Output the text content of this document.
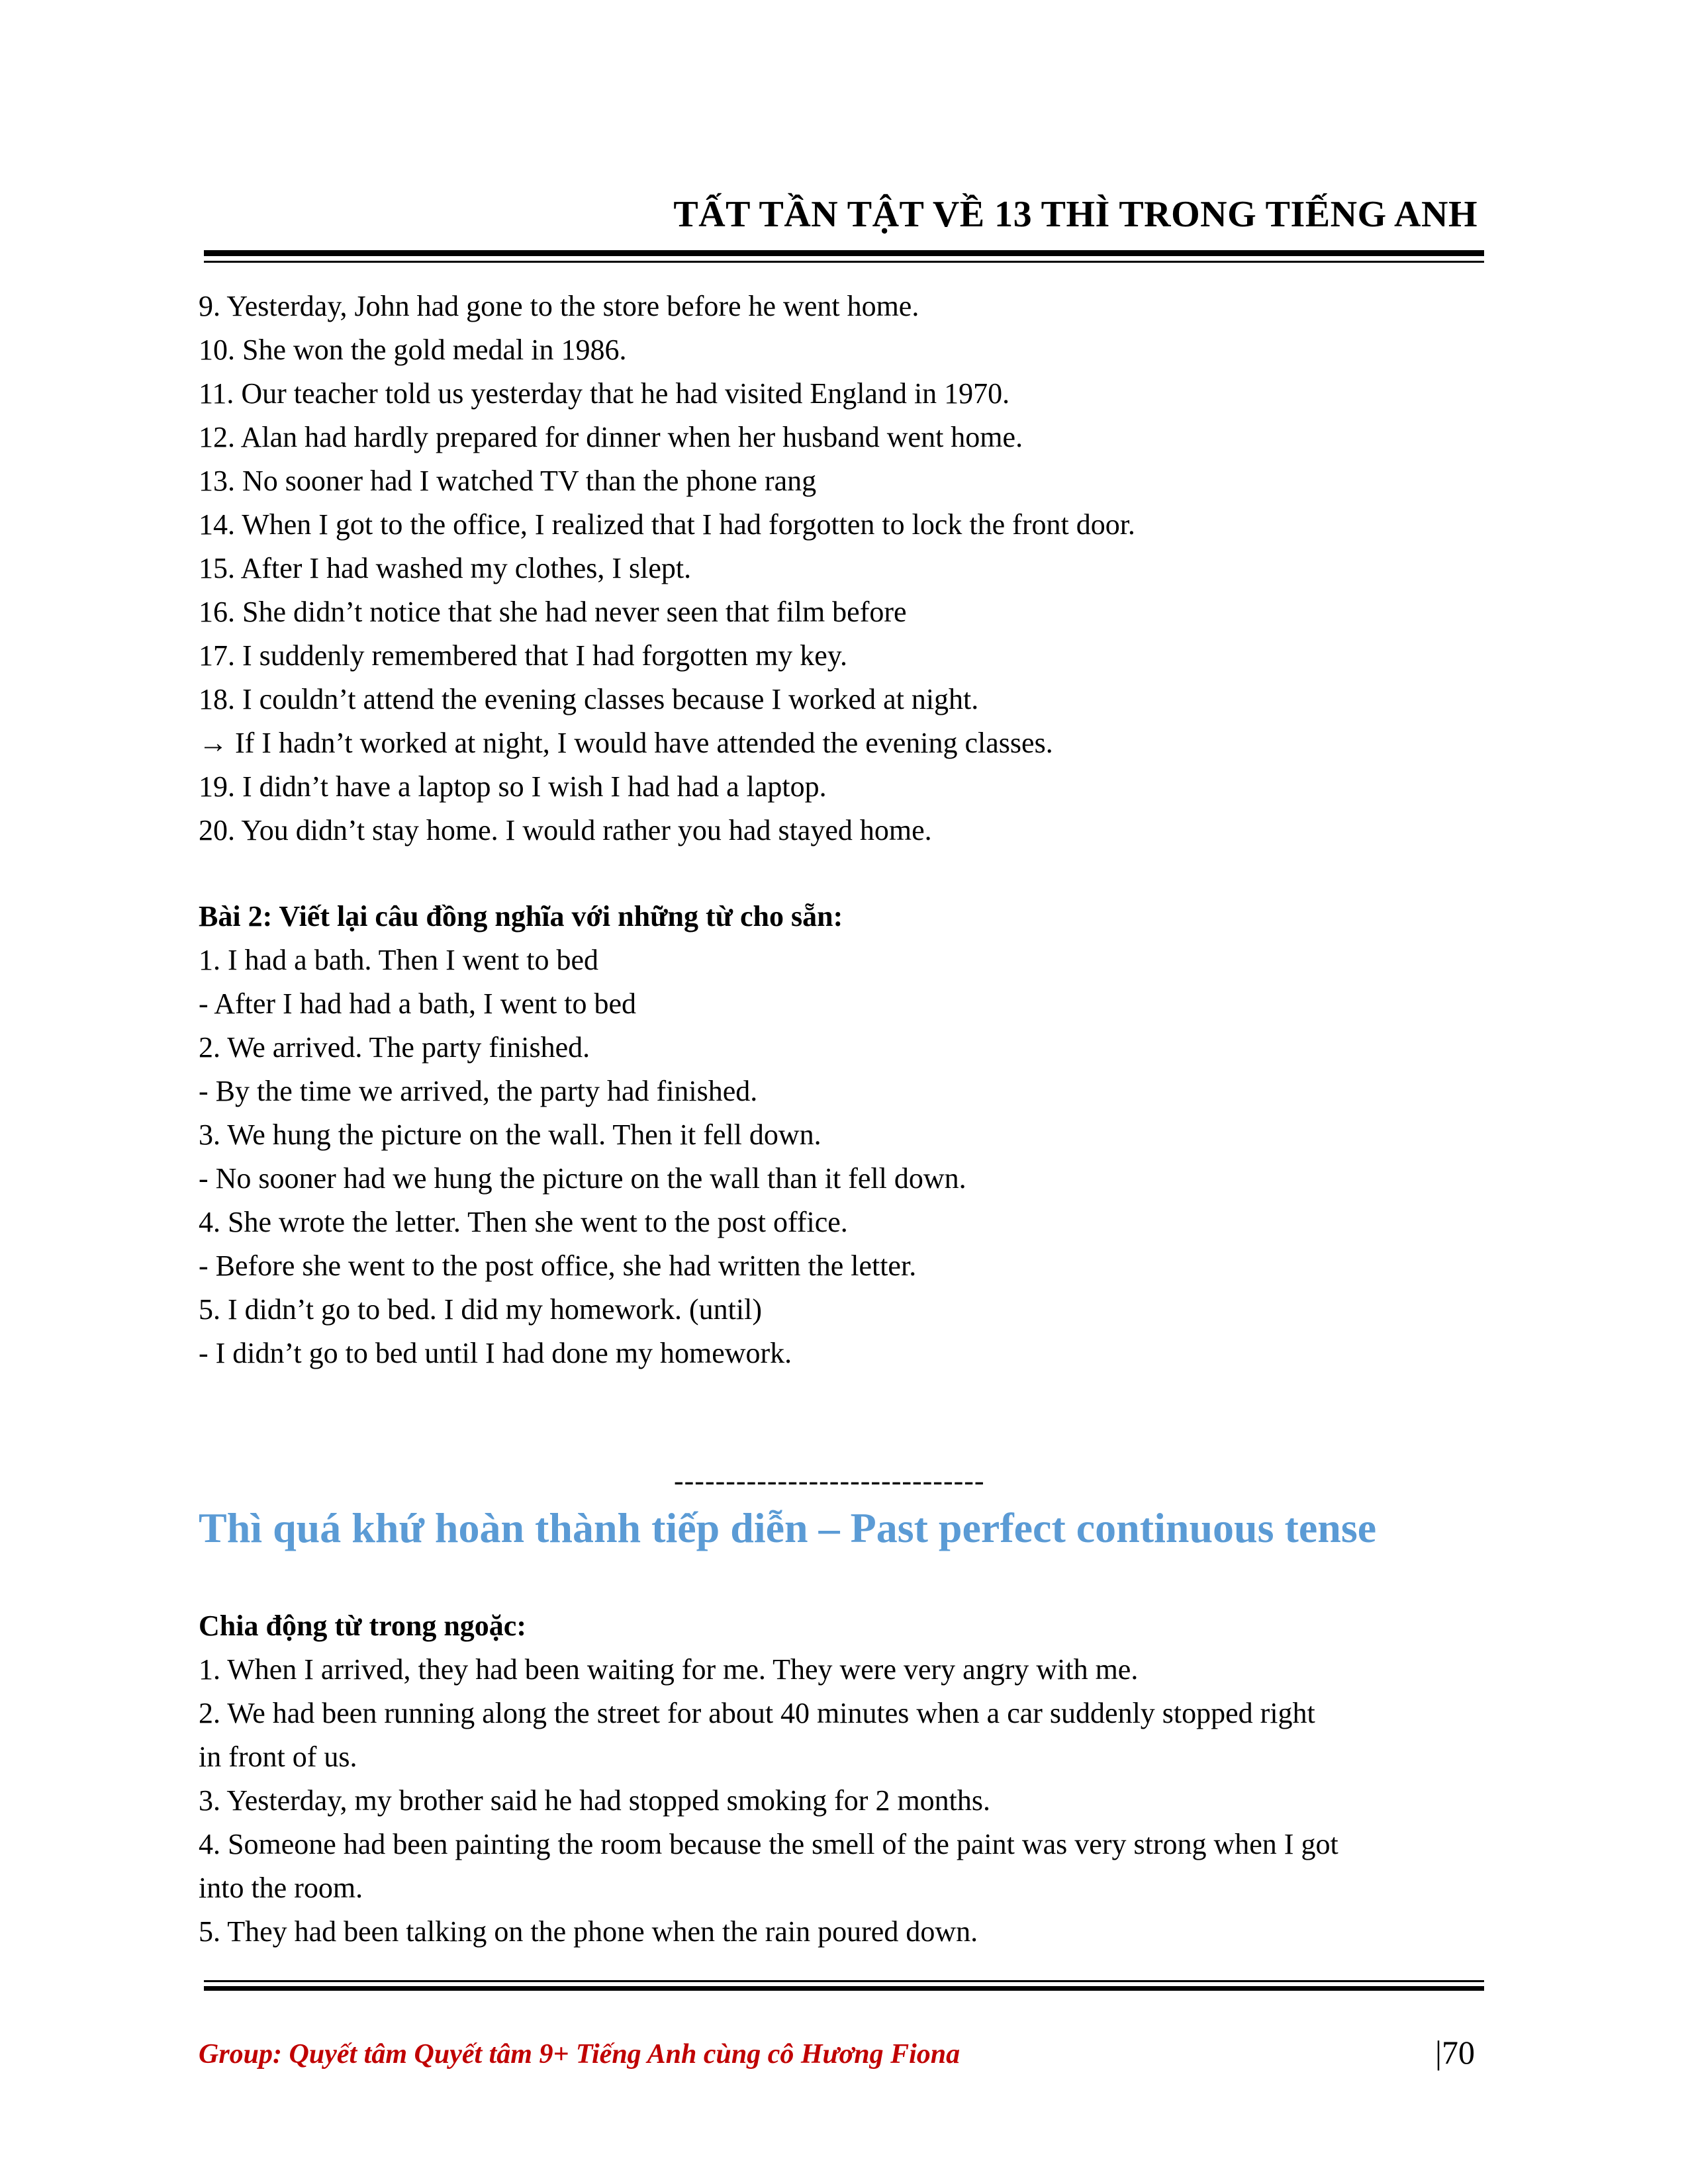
TẤT TẦN TẬT VỀ 13 THÌ TRONG TIẾNG ANH
9. Yesterday, John had gone to the store before he went home.
10. She won the gold medal in 1986.
11. Our teacher told us yesterday that he had visited England in 1970.
12. Alan had hardly prepared for dinner when her husband went home.
13. No sooner had I watched TV than the phone rang
14. When I got to the office, I realized that I had forgotten to lock the front door.
15. After I had washed my clothes, I slept.
16. She didn’t notice that she had never seen that film before
17. I suddenly remembered that I had forgotten my key.
18. I couldn’t attend the evening classes because I worked at night.
→ If I hadn’t worked at night, I would have attended the evening classes.
19. I didn’t have a laptop so I wish I had had a laptop.
20. You didn’t stay home. I would rather you had stayed home.
Bài 2: Viết lại câu đồng nghĩa với những từ cho sẵn:
1. I had a bath. Then I went to bed
- After I had had a bath, I went to bed
2. We arrived. The party finished.
- By the time we arrived, the party had finished.
3. We hung the picture on the wall. Then it fell down.
- No sooner had we hung the picture on the wall than it fell down.
4. She wrote the letter. Then she went to the post office.
- Before she went to the post office, she had written the letter.
5. I didn’t go to bed. I did my homework. (until)
- I didn’t go to bed until I had done my homework.
------------------------------
Thì quá khứ hoàn thành tiếp diễn – Past perfect continuous tense
Chia động từ trong ngoặc:
1. When I arrived, they had been waiting for me. They were very angry with me.
2. We had been running along the street for about 40 minutes when a car suddenly stopped right
in front of us.
3. Yesterday, my brother said he had stopped smoking for 2 months.
4. Someone had been painting the room because the smell of the paint was very strong when I got
into the room.
5. They had been talking on the phone when the rain poured down.
Group: Quyết tâm Quyết tâm 9+ Tiếng Anh cùng cô Hương Fiona	|70
